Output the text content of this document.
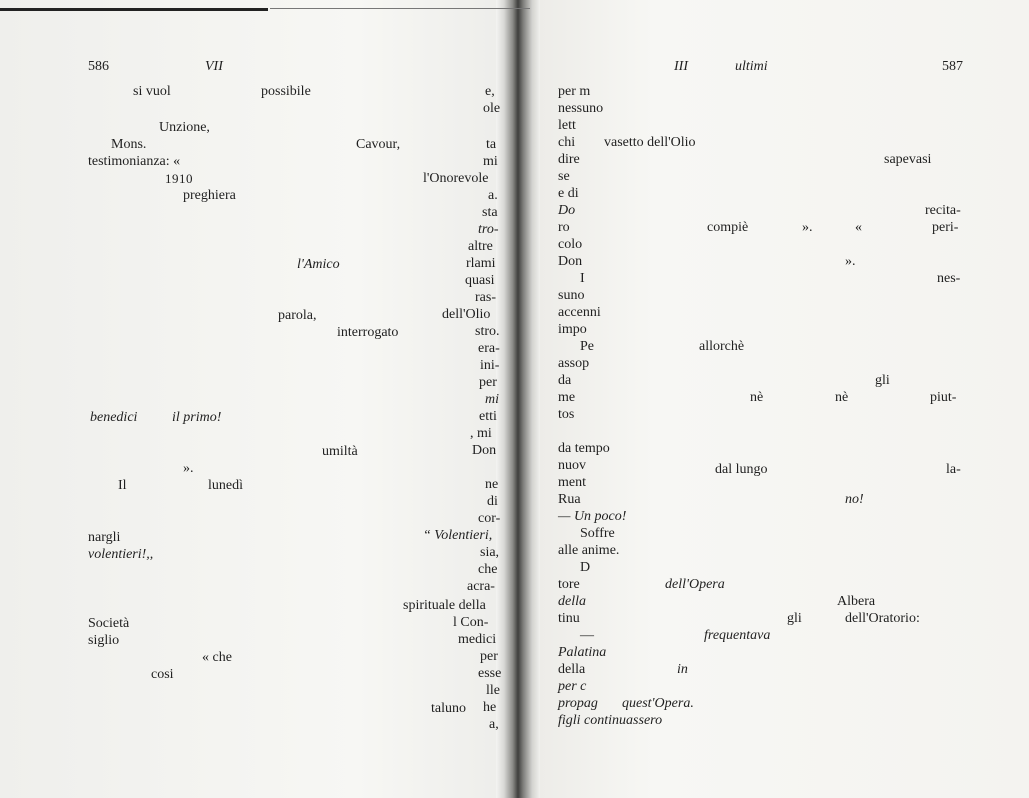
586	VII
si vuol
Unzione,
Mons.
testimonianza: «
1910
preghiera
benedici
Il
nargli
volentieri!,,
Società
siglio
cosi
possibile
Cavour,
l'Onorevole
l'Amico
parola,
interrogato
il primo!
».
lunedì
umiltà
« che
spirituale della
taluno
e,
ole
ta
mi
a.
sta
tro-
altre
rlami
quasi
ras-
dell'Olio
stro.
era-
ini-
per
mi
etti
, mi
Don
ne
di
cor-
“ Volentieri,
sia,
che
acra-
l Con-
medici
per
esse
lle
he
a,
III	ultimi	587
per m
nessuno
lett
chi
dire
se
e di
Do
ro
colo
Don
I
suno
accenni
impo
Pe
assop
da
me
tos
da tempo
nuov
ment
Rua
— Un poco!
Soffre
alle anime.
D
tore
della
tinu
—
Palatina
della
per c
propag
figli continuassero
vasetto dell'Olio
compiè	».	«
allorchè
nè	nè
dal lungo
dell'Opera
gli
frequentava
in
quest'Opera.
sapevasi
recita-
peri-
».
nes-
gli
piut-
la-
no!
Albera
dell'Oratorio:
